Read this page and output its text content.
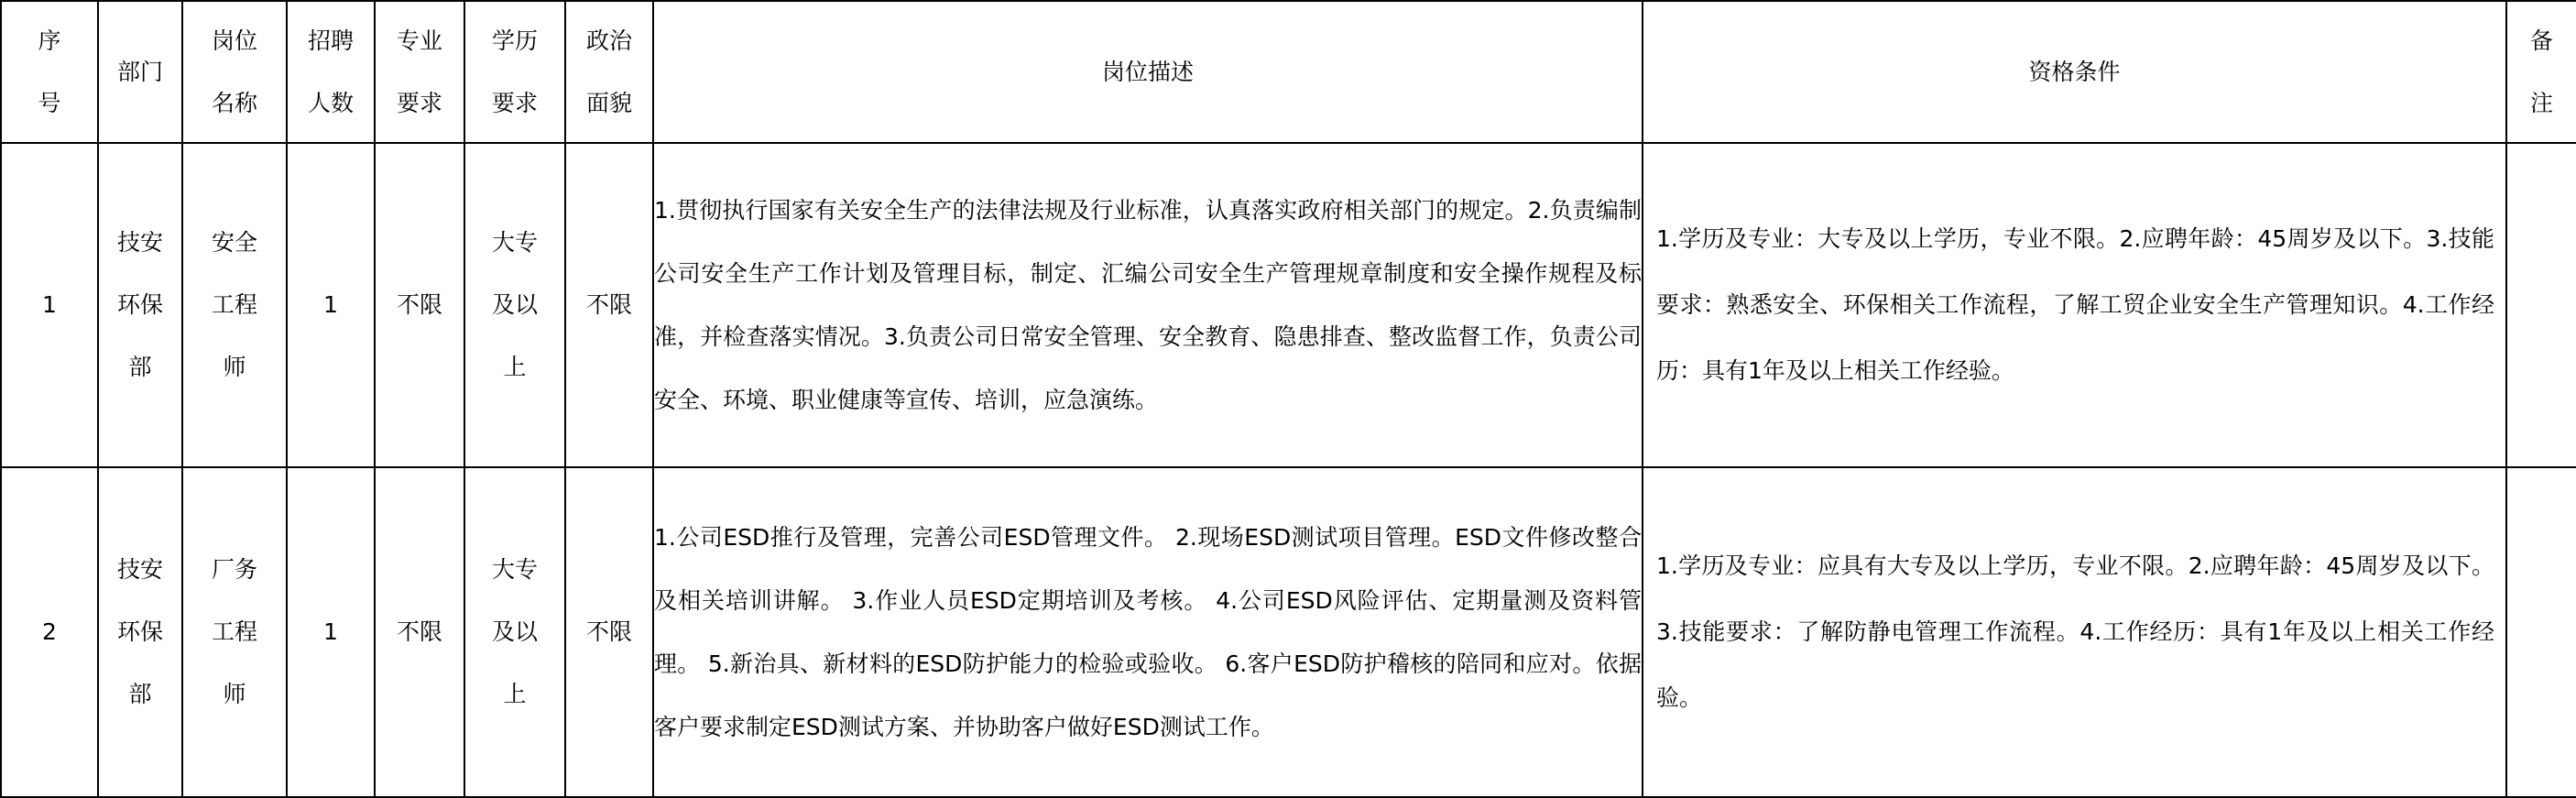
序号	部门	岗位名称	招聘人数	专业要求	学历要求	政治面貌	岗位描述	资格条件	备注

1	技安环保部	安全工程师	1	不限	大专及以上	不限	1.贯彻执行国家有关安全生产的法律法规及行业标准，认真落实政府相关部门的规定。2.负责编制公司安全生产工作计划及管理目标，制定、汇编公司安全生产管理规章制度和安全操作规程及标准，并检查落实情况。3.负责公司日常安全管理、安全教育、隐患排查、整改监督工作，负责公司安全、环境、职业健康等宣传、培训，应急演练。	1.学历及专业：大专及以上学历，专业不限。2.应聘年龄：45周岁及以下。3.技能要求：熟悉安全、环保相关工作流程，了解工贸企业安全生产管理知识。4.工作经历：具有1年及以上相关工作经验。	
2	技安环保部	厂务工程师	1	不限	大专及以上	不限	1.公司ESD推行及管理，完善公司ESD管理文件。 2.现场ESD测试项目管理。ESD文件修改整合及相关培训讲解。 3.作业人员ESD定期培训及考核。 4.公司ESD风险评估、定期量测及资料管理。 5.新治具、新材料的ESD防护能力的检验或验收。 6.客户ESD防护稽核的陪同和应对。依据客户要求制定ESD测试方案、并协助客户做好ESD测试工作。	1.学历及专业：应具有大专及以上学历，专业不限。2.应聘年龄：45周岁及以下。3.技能要求：了解防静电管理工作流程。4.工作经历：具有1年及以上相关工作经验。	
